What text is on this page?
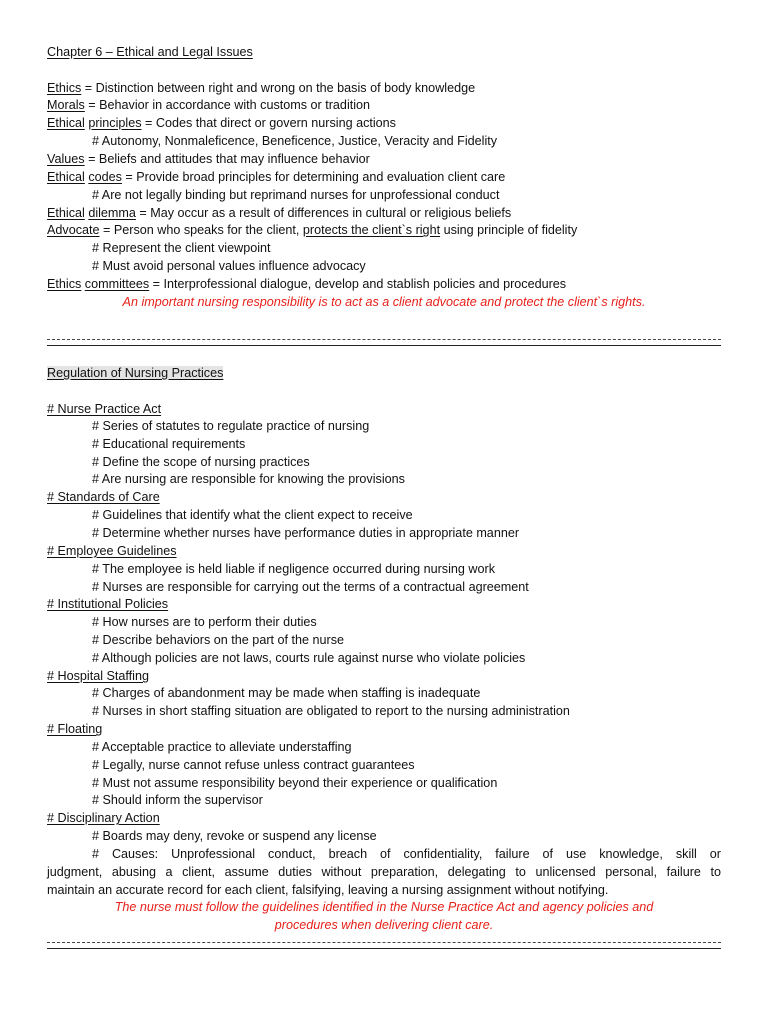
Chapter 6 – Ethical and Legal Issues
Ethics = Distinction between right and wrong on the basis of body knowledge
Morals = Behavior in accordance with customs or tradition
Ethical principles = Codes that direct or govern nursing actions
# Autonomy, Nonmaleficence, Beneficence, Justice, Veracity and Fidelity
Values = Beliefs and attitudes that may influence behavior
Ethical codes = Provide broad principles for determining and evaluation client care
# Are not legally binding but reprimand nurses for unprofessional conduct
Ethical dilemma = May occur as a result of differences in cultural or religious beliefs
Advocate = Person who speaks for the client, protects the client`s right using principle of fidelity
# Represent the client viewpoint
# Must avoid personal values influence advocacy
Ethics committees = Interprofessional dialogue, develop and stablish policies and procedures
An important nursing responsibility is to act as a client advocate and protect the client`s rights.
Regulation of Nursing Practices
# Nurse Practice Act
# Series of statutes to regulate practice of nursing
# Educational requirements
# Define the scope of nursing practices
# Are nursing are responsible for knowing the provisions
# Standards of Care
# Guidelines that identify what the client expect to receive
# Determine whether nurses have performance duties in appropriate manner
# Employee Guidelines
# The employee is held liable if negligence occurred during nursing work
# Nurses are responsible for carrying out the terms of a contractual agreement
# Institutional Policies
# How nurses are to perform their duties
# Describe behaviors on the part of the nurse
# Although policies are not laws, courts rule against nurse who violate policies
# Hospital Staffing
# Charges of abandonment may be made when staffing is inadequate
# Nurses in short staffing situation are obligated to report to the nursing administration
# Floating
# Acceptable practice to alleviate understaffing
# Legally, nurse cannot refuse unless contract guarantees
# Must not assume responsibility beyond their experience or qualification
# Should inform the supervisor
# Disciplinary Action
# Boards may deny, revoke or suspend any license
# Causes: Unprofessional conduct, breach of confidentiality, failure of use knowledge, skill or
judgment, abusing a client, assume duties without preparation, delegating to unlicensed personal, failure to
maintain an accurate record for each client, falsifying, leaving a nursing assignment without notifying.
The nurse must follow the guidelines identified in the Nurse Practice Act and agency policies and
procedures when delivering client care.
